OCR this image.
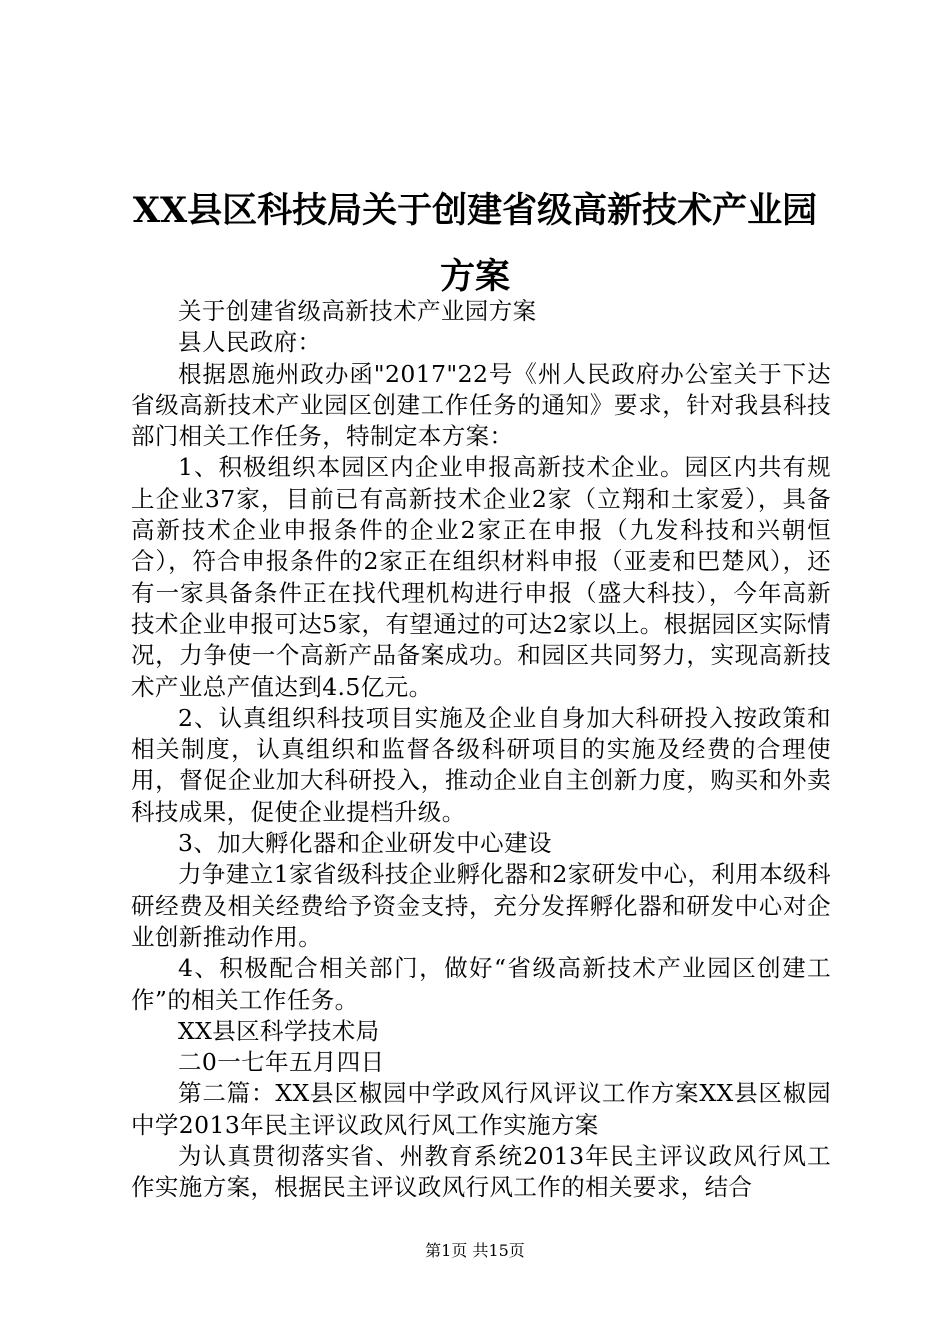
XX县区科技局关于创建省级高新技术产业园
方案

关于创建省级高新技术产业园方案

县人民政府：

根据恩施州政办函"2017"22号《州人民政府办公室关于下达省级高新技术产业园区创建工作任务的通知》要求，针对我县科技部门相关工作任务，特制定本方案：

1、积极组织本园区内企业申报高新技术企业。园区内共有规上企业37家，目前已有高新技术企业2家（立翔和土家爱），具备高新技术企业申报条件的企业2家正在申报（九发科技和兴朝恒合），符合申报条件的2家正在组织材料申报（亚麦和巴楚风），还有一家具备条件正在找代理机构进行申报（盛大科技），今年高新技术企业申报可达5家，有望通过的可达2家以上。根据园区实际情况，力争使一个高新产品备案成功。和园区共同努力，实现高新技术产业总产值达到4.5亿元。

2、认真组织科技项目实施及企业自身加大科研投入按政策和相关制度，认真组织和监督各级科研项目的实施及经费的合理使用，督促企业加大科研投入，推动企业自主创新力度，购买和外卖科技成果，促使企业提档升级。

3、加大孵化器和企业研发中心建设

力争建立1家省级科技企业孵化器和2家研发中心，利用本级科研经费及相关经费给予资金支持，充分发挥孵化器和研发中心对企业创新推动作用。

4、积极配合相关部门，做好“省级高新技术产业园区创建工作”的相关工作任务。

XX县区科学技术局

二0一七年五月四日

第二篇：XX县区椒园中学政风行风评议工作方案XX县区椒园中学2013年民主评议政风行风工作实施方案

为认真贯彻落实省、州教育系统2013年民主评议政风行风工作实施方案，根据民主评议政风行风工作的相关要求，结合

第1页 共15页
